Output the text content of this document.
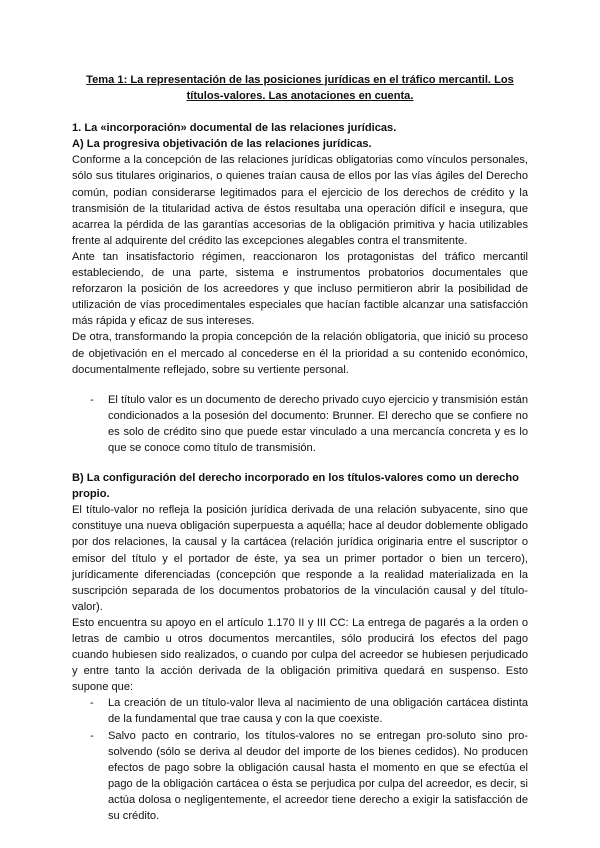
Tema 1: La representación de las posiciones jurídicas en el tráfico mercantil. Los títulos-valores. Las anotaciones en cuenta.
1. La «incorporación» documental de las relaciones jurídicas.
A) La progresiva objetivación de las relaciones jurídicas.

Conforme a la concepción de las relaciones jurídicas obligatorias como vínculos personales, sólo sus titulares originarios, o quienes traían causa de ellos por las vías ágiles del Derecho común, podían considerarse legitimados para el ejercicio de los derechos de crédito y la transmisión de la titularidad activa de éstos resultaba una operación difícil e insegura, que acarrea la pérdida de las garantías accesorias de la obligación primitiva y hacia utilizables frente al adquirente del crédito las excepciones alegables contra el transmitente.

Ante tan insatisfactorio régimen, reaccionaron los protagonistas del tráfico mercantil estableciendo, de una parte, sistema e instrumentos probatorios documentales que reforzaron la posición de los acreedores y que incluso permitieron abrir la posibilidad de utilización de vías procedimentales especiales que hacían factible alcanzar una satisfacción más rápida y eficaz de sus intereses.

De otra, transformando la propia concepción de la relación obligatoria, que inició su proceso de objetivación en el mercado al concederse en él la prioridad a su contenido económico, documentalmente reflejado, sobre su vertiente personal.

- El título valor es un documento de derecho privado cuyo ejercicio y transmisión están condicionados a la posesión del documento: Brunner. El derecho que se confiere no es solo de crédito sino que puede estar vinculado a una mercancía concreta y es lo que se conoce como título de transmisión.
B) La configuración del derecho incorporado en los títulos-valores como un derecho propio.

El título-valor no refleja la posición jurídica derivada de una relación subyacente, sino que constituye una nueva obligación superpuesta a aquélla; hace al deudor doblemente obligado por dos relaciones, la causal y la cartácea (relación jurídica originaria entre el suscriptor o emisor del título y el portador de éste, ya sea un primer portador o bien un tercero), jurídicamente diferenciadas (concepción que responde a la realidad materializada en la suscripción separada de los documentos probatorios de la vinculación causal y del título-valor).

Esto encuentra su apoyo en el artículo 1.170 II y III CC: La entrega de pagarés a la orden o letras de cambio u otros documentos mercantiles, sólo producirá los efectos del pago cuando hubiesen sido realizados, o cuando por culpa del acreedor se hubiesen perjudicado y entre tanto la acción derivada de la obligación primitiva quedará en suspenso. Esto supone que:

- La creación de un título-valor lleva al nacimiento de una obligación cartácea distinta de la fundamental que trae causa y con la que coexiste.
- Salvo pacto en contrario, los títulos-valores no se entregan pro-soluto sino pro-solvendo (sólo se deriva al deudor del importe de los bienes cedidos). No producen efectos de pago sobre la obligación causal hasta el momento en que se efectúa el pago de la obligación cartácea o ésta se perjudica por culpa del acreedor, es decir, si actúa dolosa o negligentemente, el acreedor tiene derecho a exigir la satisfacción de su crédito.
